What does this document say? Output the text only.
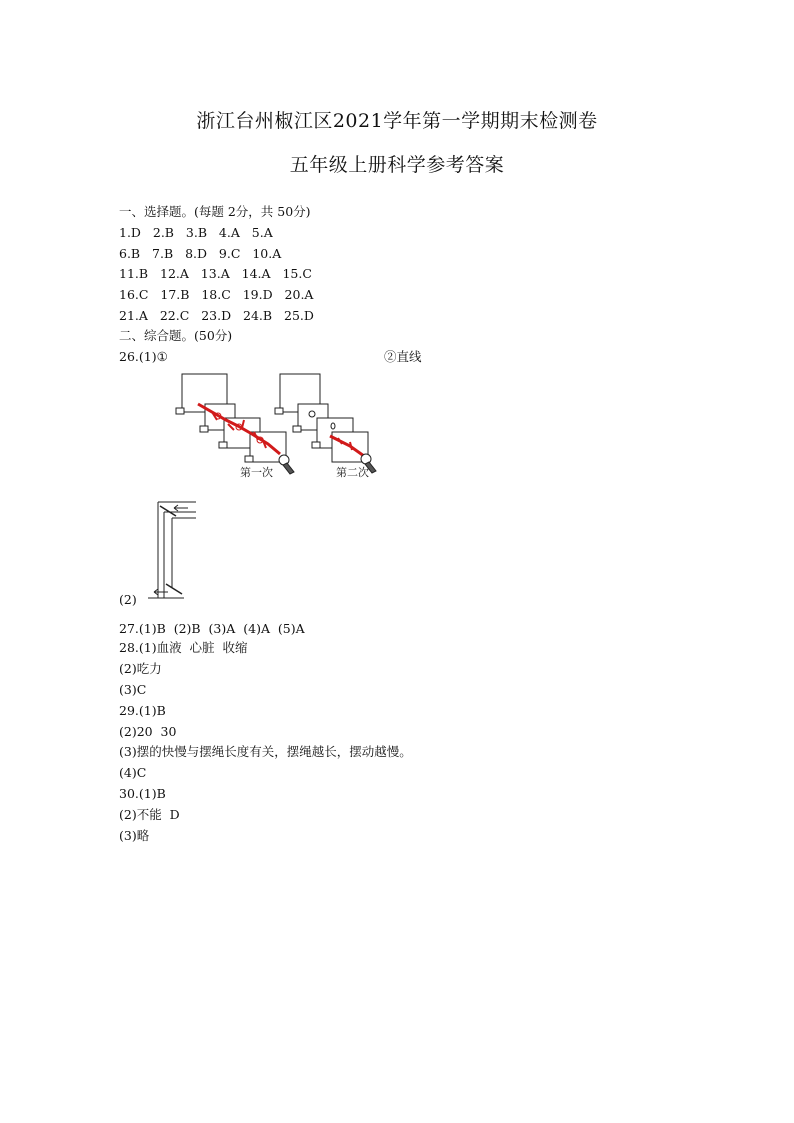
浙江台州椒江区2021学年第一学期期末检测卷
五年级上册科学参考答案
一、选择题。(每题 2分，共 50分)
1.D   2.B   3.B   4.A   5.A
6.B   7.B   8.D   9.C   10.A
11.B   12.A   13.A   14.A   15.C
16.C   17.B   18.C   19.D   20.A
21.A   22.C   23.D   24.B   25.D
二、综合题。(50分)
26.(1)①	②直线
第一次	第二次
(2)
27.(1)B  (2)B  (3)A  (4)A  (5)A
28.(1)血液  心脏  收缩
(2)吃力
(3)C
29.(1)B
(2)20  30
(3)摆的快慢与摆绳长度有关，摆绳越长，摆动越慢。
(4)C
30.(1)B
(2)不能  D
(3)略
